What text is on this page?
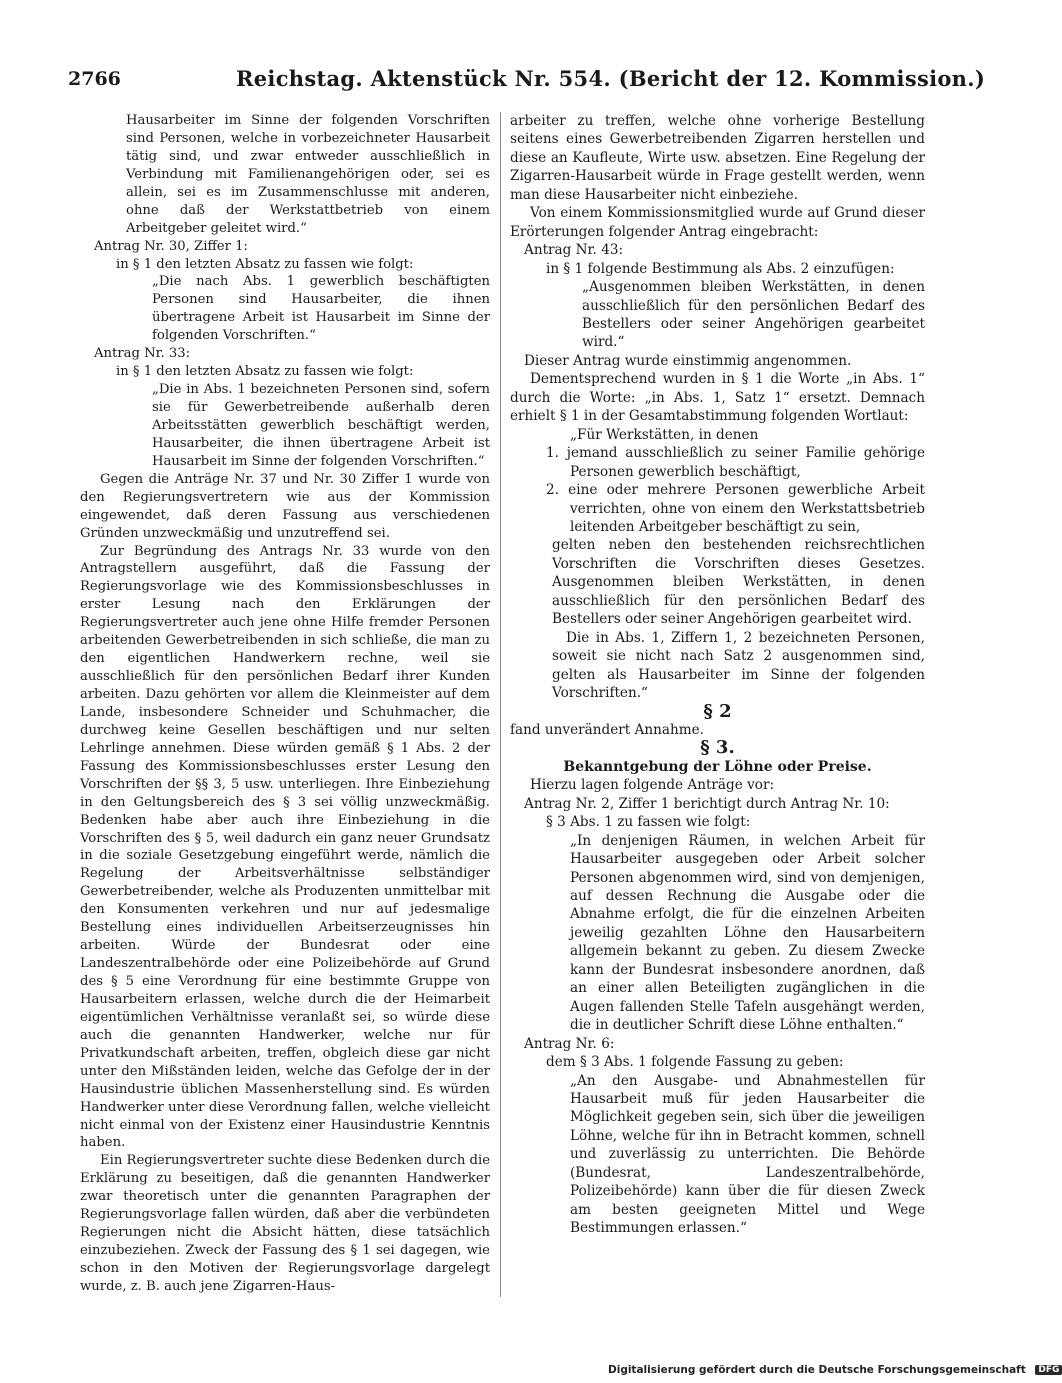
2766	Reichstag. Aktenstück Nr. 554. (Bericht der 12. Kommission.)

Hausarbeiter im Sinne der folgenden Vorschriften sind Personen, welche in vorbezeichneter Hausarbeit tätig sind, und zwar entweder ausschließlich in Verbindung mit Familienangehörigen oder, sei es allein, sei es im Zusammenschlusse mit anderen, ohne daß der Werkstattbetrieb von einem Arbeitgeber geleitet wird.“

Antrag Nr. 30, Ziffer 1:

in § 1 den letzten Absatz zu fassen wie folgt:

„Die nach Abs. 1 gewerblich beschäftigten Personen sind Hausarbeiter, die ihnen übertragene Arbeit ist Hausarbeit im Sinne der folgenden Vorschriften.“

Antrag Nr. 33:

in § 1 den letzten Absatz zu fassen wie folgt:

„Die in Abs. 1 bezeichneten Personen sind, sofern sie für Gewerbetreibende außerhalb deren Arbeitsstätten gewerblich beschäftigt werden, Hausarbeiter, die ihnen übertragene Arbeit ist Hausarbeit im Sinne der folgenden Vorschriften.“

Gegen die Anträge Nr. 37 und Nr. 30 Ziffer 1 wurde von den Regierungsvertretern wie aus der Kommission eingewendet, daß deren Fassung aus verschiedenen Gründen unzweckmäßig und unzutreffend sei.

Zur Begründung des Antrags Nr. 33 wurde von den Antragstellern ausgeführt, daß die Fassung der Regierungsvorlage wie des Kommissionsbeschlusses in erster Lesung nach den Erklärungen der Regierungsvertreter auch jene ohne Hilfe fremder Personen arbeitenden Gewerbetreibenden in sich schließe, die man zu den eigentlichen Handwerkern rechne, weil sie ausschließlich für den persönlichen Bedarf ihrer Kunden arbeiten. Dazu gehörten vor allem die Kleinmeister auf dem Lande, insbesondere Schneider und Schuhmacher, die durchweg keine Gesellen beschäftigen und nur selten Lehrlinge annehmen. Diese würden gemäß § 1 Abs. 2 der Fassung des Kommissionsbeschlusses erster Lesung den Vorschriften der §§ 3, 5 usw. unterliegen. Ihre Einbeziehung in den Geltungsbereich des § 3 sei völlig unzweckmäßig. Bedenken habe aber auch ihre Einbeziehung in die Vorschriften des § 5, weil dadurch ein ganz neuer Grundsatz in die soziale Gesetzgebung eingeführt werde, nämlich die Regelung der Arbeitsverhältnisse selbständiger Gewerbetreibender, welche als Produzenten unmittelbar mit den Konsumenten verkehren und nur auf jedesmalige Bestellung eines individuellen Arbeitserzeugnisses hin arbeiten. Würde der Bundesrat oder eine Landeszentralbehörde oder eine Polizeibehörde auf Grund des § 5 eine Verordnung für eine bestimmte Gruppe von Hausarbeitern erlassen, welche durch die der Heimarbeit eigentümlichen Verhältnisse veranlaßt sei, so würde diese auch die genannten Handwerker, welche nur für Privatkundschaft arbeiten, treffen, obgleich diese gar nicht unter den Mißständen leiden, welche das Gefolge der in der Hausindustrie üblichen Massenherstellung sind. Es würden Handwerker unter diese Verordnung fallen, welche vielleicht nicht einmal von der Existenz einer Hausindustrie Kenntnis haben.

Ein Regierungsvertreter suchte diese Bedenken durch die Erklärung zu beseitigen, daß die genannten Handwerker zwar theoretisch unter die genannten Paragraphen der Regierungsvorlage fallen würden, daß aber die verbündeten Regierungen nicht die Absicht hätten, diese tatsächlich einzubeziehen. Zweck der Fassung des § 1 sei dagegen, wie schon in den Motiven der Regierungsvorlage dargelegt wurde, z. B. auch jene Zigarren-Haus-

arbeiter zu treffen, welche ohne vorherige Bestellung seitens eines Gewerbetreibenden Zigarren herstellen und diese an Kaufleute, Wirte usw. absetzen. Eine Regelung der Zigarren-Hausarbeit würde in Frage gestellt werden, wenn man diese Hausarbeiter nicht einbeziehe.

Von einem Kommissionsmitglied wurde auf Grund dieser Erörterungen folgender Antrag eingebracht:

Antrag Nr. 43:

in § 1 folgende Bestimmung als Abs. 2 einzufügen:

„Ausgenommen bleiben Werkstätten, in denen ausschließlich für den persönlichen Bedarf des Bestellers oder seiner Angehörigen gearbeitet wird.“

Dieser Antrag wurde einstimmig angenommen.

Dementsprechend wurden in § 1 die Worte „in Abs. 1“ durch die Worte: „in Abs. 1, Satz 1“ ersetzt. Demnach erhielt § 1 in der Gesamtabstimmung folgenden Wortlaut:

„Für Werkstätten, in denen

1. jemand ausschließlich zu seiner Familie gehörige Personen gewerblich beschäftigt,

2. eine oder mehrere Personen gewerbliche Arbeit verrichten, ohne von einem den Werkstattsbetrieb leitenden Arbeitgeber beschäftigt zu sein,

gelten neben den bestehenden reichsrechtlichen Vorschriften die Vorschriften dieses Gesetzes. Ausgenommen bleiben Werkstätten, in denen ausschließlich für den persönlichen Bedarf des Bestellers oder seiner Angehörigen gearbeitet wird.

Die in Abs. 1, Ziffern 1, 2 bezeichneten Personen, soweit sie nicht nach Satz 2 ausgenommen sind, gelten als Hausarbeiter im Sinne der folgenden Vorschriften.“

§ 2

fand unverändert Annahme.

§ 3.

Bekanntgebung der Löhne oder Preise.

Hierzu lagen folgende Anträge vor:

Antrag Nr. 2, Ziffer 1 berichtigt durch Antrag Nr. 10:

§ 3 Abs. 1 zu fassen wie folgt:

„In denjenigen Räumen, in welchen Arbeit für Hausarbeiter ausgegeben oder Arbeit solcher Personen abgenommen wird, sind von demjenigen, auf dessen Rechnung die Ausgabe oder die Abnahme erfolgt, die für die einzelnen Arbeiten jeweilig gezahlten Löhne den Hausarbeitern allgemein bekannt zu geben. Zu diesem Zwecke kann der Bundesrat insbesondere anordnen, daß an einer allen Beteiligten zugänglichen in die Augen fallenden Stelle Tafeln ausgehängt werden, die in deutlicher Schrift diese Löhne enthalten.“

Antrag Nr. 6:

dem § 3 Abs. 1 folgende Fassung zu geben:

„An den Ausgabe- und Abnahmestellen für Hausarbeit muß für jeden Hausarbeiter die Möglichkeit gegeben sein, sich über die jeweiligen Löhne, welche für ihn in Betracht kommen, schnell und zuverlässig zu unterrichten. Die Behörde (Bundesrat, Landeszentralbehörde, Polizeibehörde) kann über die für diesen Zweck am besten geeigneten Mittel und Wege Bestimmungen erlassen.“

Digitalisierung gefördert durch die Deutsche Forschungsgemeinschaft DFG
